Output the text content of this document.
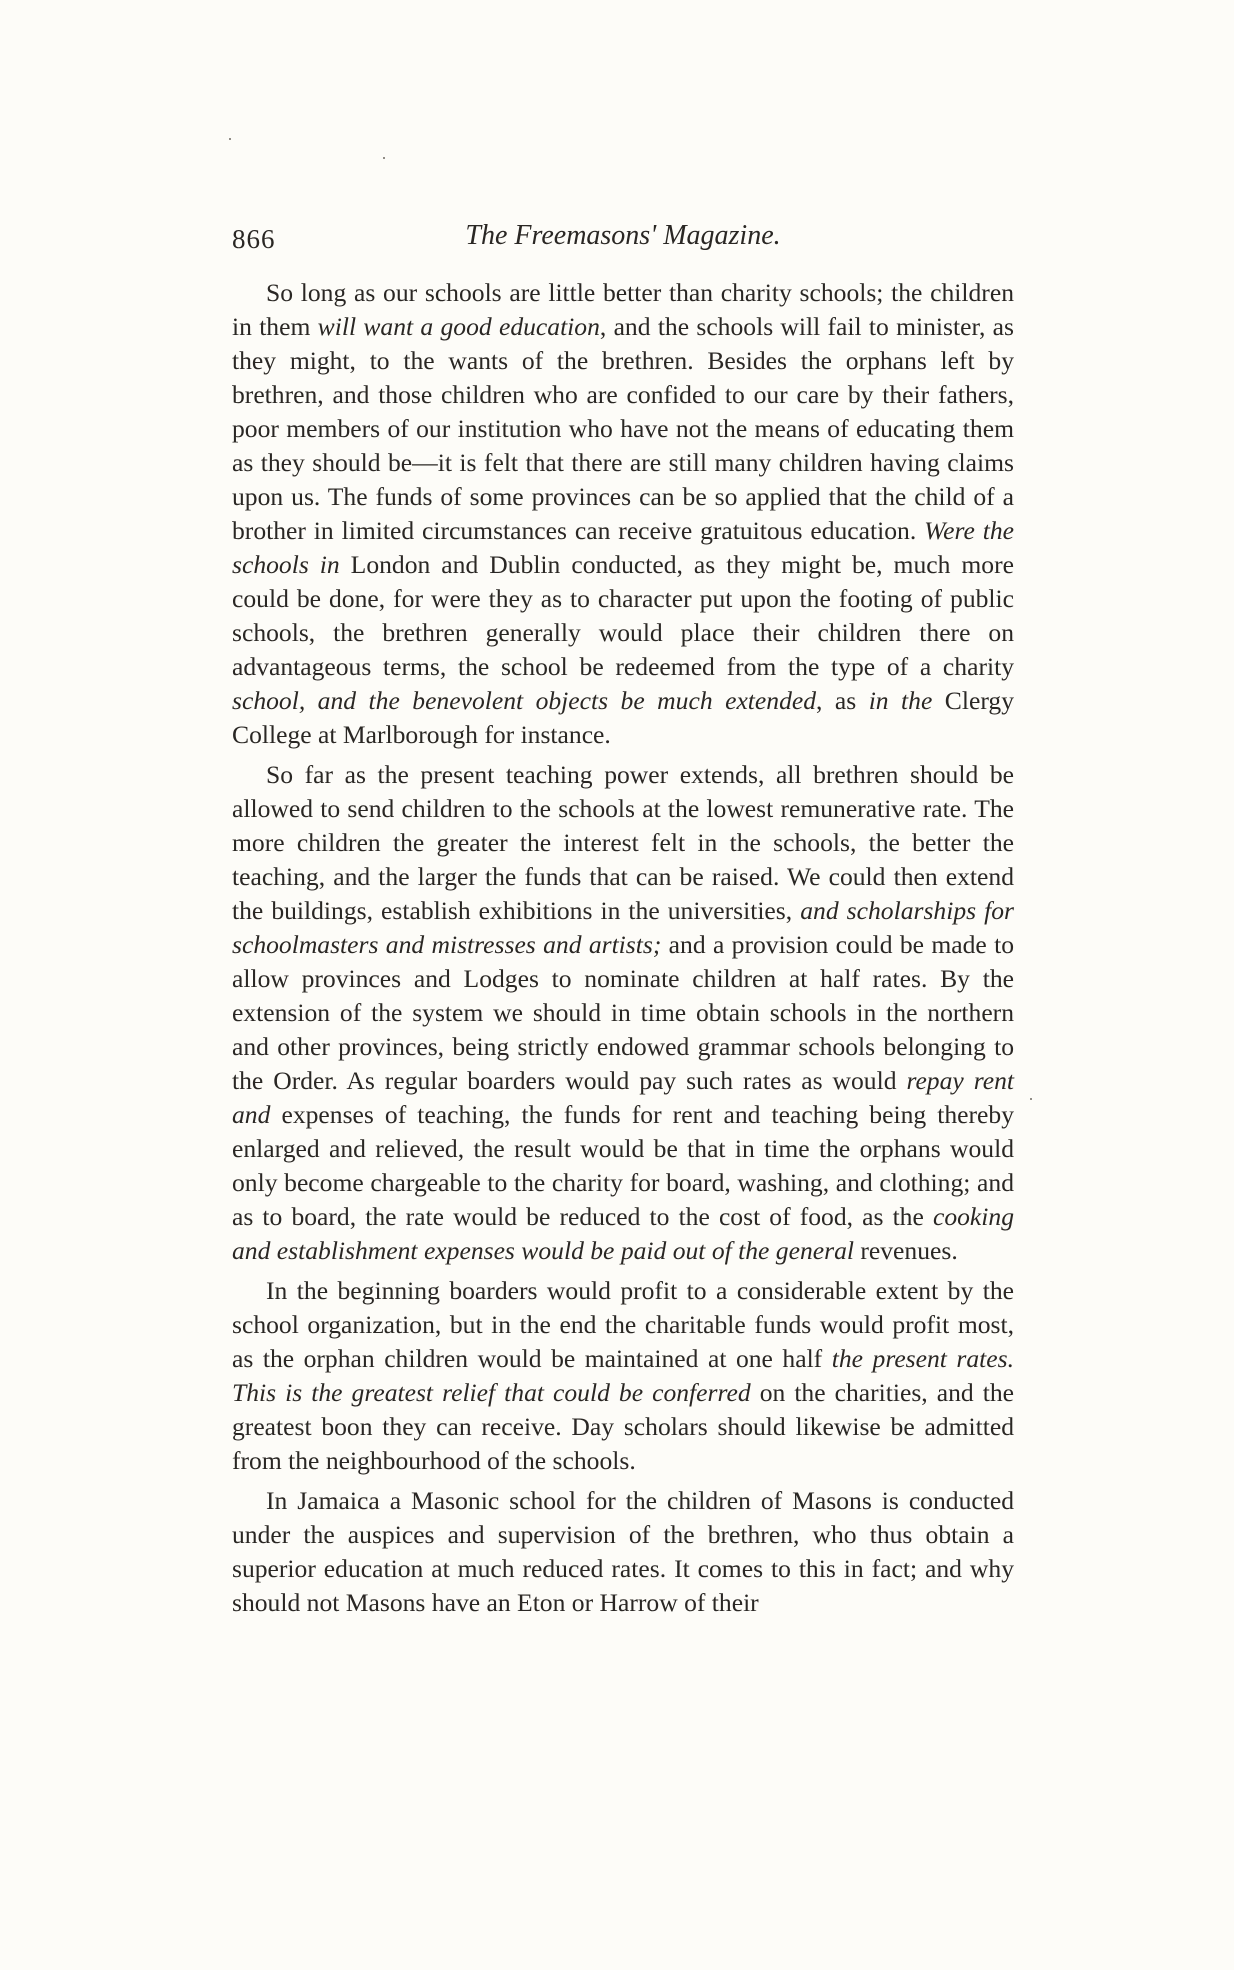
866	The Freemasons' Magazine.

So long as our schools are little better than charity schools; the children in them will want a good education, and the schools will fail to minister, as they might, to the wants of the brethren. Besides the orphans left by brethren, and those children who are confided to our care by their fathers, poor members of our institution who have not the means of educating them as they should be—it is felt that there are still many children having claims upon us. The funds of some provinces can be so applied that the child of a brother in limited circumstances can receive gratuitous education. Were the schools in London and Dublin conducted, as they might be, much more could be done, for were they as to character put upon the footing of public schools, the brethren generally would place their children there on advantageous terms, the school be redeemed from the type of a charity school, and the benevolent objects be much extended, as in the Clergy College at Marlborough for instance.

So far as the present teaching power extends, all brethren should be allowed to send children to the schools at the lowest remunerative rate. The more children the greater the interest felt in the schools, the better the teaching, and the larger the funds that can be raised. We could then extend the buildings, establish exhibitions in the universities, and scholarships for schoolmasters and mistresses and artists; and a provision could be made to allow provinces and Lodges to nominate children at half rates. By the extension of the system we should in time obtain schools in the northern and other provinces, being strictly endowed grammar schools belonging to the Order. As regular boarders would pay such rates as would repay rent and expenses of teaching, the funds for rent and teaching being thereby enlarged and relieved, the result would be that in time the orphans would only become chargeable to the charity for board, washing, and clothing; and as to board, the rate would be reduced to the cost of food, as the cooking and establishment expenses would be paid out of the general revenues.

In the beginning boarders would profit to a considerable extent by the school organization, but in the end the charitable funds would profit most, as the orphan children would be maintained at one half the present rates. This is the greatest relief that could be conferred on the charities, and the greatest boon they can receive. Day scholars should likewise be admitted from the neighbourhood of the schools.

In Jamaica a Masonic school for the children of Masons is conducted under the auspices and supervision of the brethren, who thus obtain a superior education at much reduced rates. It comes to this in fact; and why should not Masons have an Eton or Harrow of their
